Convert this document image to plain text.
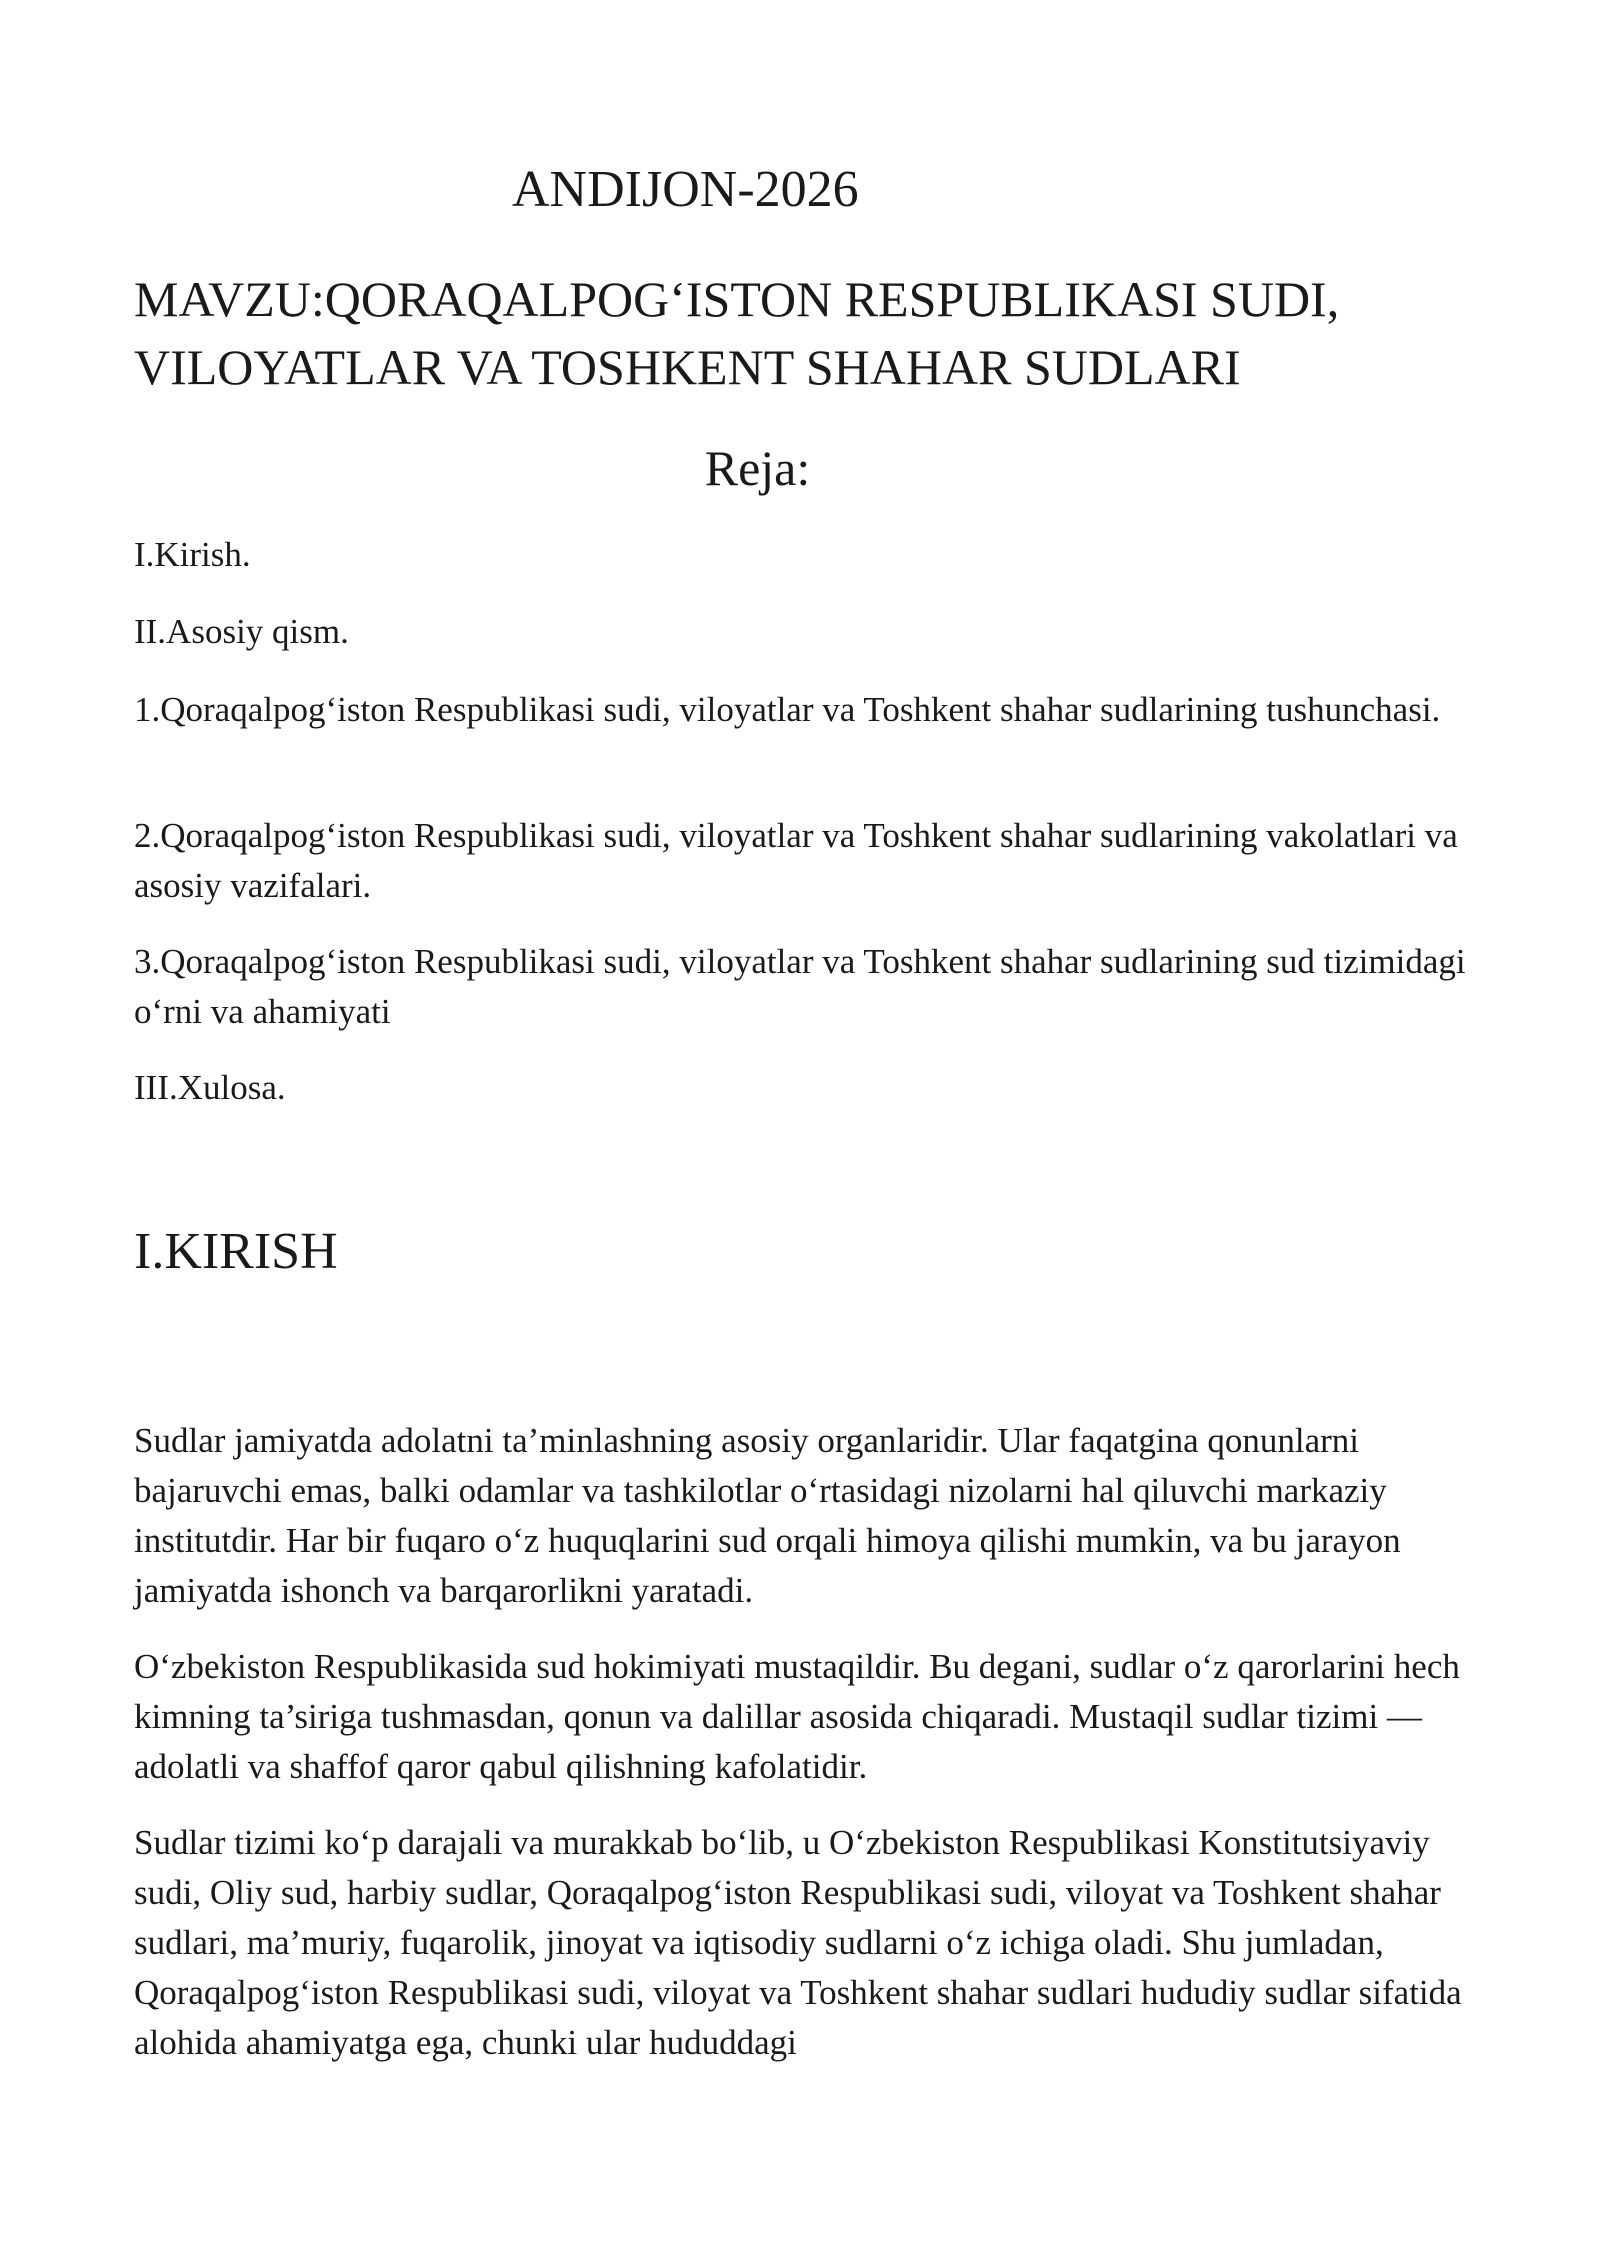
ANDIJON-2026

MAVZU:QORAQALPOG‘ISTON RESPUBLIKASI SUDI, VILOYATLAR VA TOSHKENT SHAHAR SUDLARI

Reja:

I.Kirish.

II.Asosiy qism.

1.Qoraqalpog‘iston Respublikasi sudi, viloyatlar va Toshkent shahar sudlarining tushunchasi.

2.Qoraqalpog‘iston Respublikasi sudi, viloyatlar va Toshkent shahar sudlarining vakolatlari va asosiy vazifalari.

3.Qoraqalpog‘iston Respublikasi sudi, viloyatlar va Toshkent shahar sudlarining sud tizimidagi o‘rni va ahamiyati

III.Xulosa.

I.KIRISH

Sudlar jamiyatda adolatni ta’minlashning asosiy organlaridir. Ular faqatgina qonunlarni bajaruvchi emas, balki odamlar va tashkilotlar o‘rtasidagi nizolarni hal qiluvchi markaziy institutdir. Har bir fuqaro o‘z huquqlarini sud orqali himoya qilishi mumkin, va bu jarayon jamiyatda ishonch va barqarorlikni yaratadi.

O‘zbekiston Respublikasida sud hokimiyati mustaqildir. Bu degani, sudlar o‘z qarorlarini hech kimning ta’siriga tushmasdan, qonun va dalillar asosida chiqaradi. Mustaqil sudlar tizimi — adolatli va shaffof qaror qabul qilishning kafolatidir.

Sudlar tizimi ko‘p darajali va murakkab bo‘lib, u O‘zbekiston Respublikasi Konstitutsiyaviy sudi, Oliy sud, harbiy sudlar, Qoraqalpog‘iston Respublikasi sudi, viloyat va Toshkent shahar sudlari, ma’muriy, fuqarolik, jinoyat va iqtisodiy sudlarni o‘z ichiga oladi. Shu jumladan, Qoraqalpog‘iston Respublikasi sudi, viloyat va Toshkent shahar sudlari hududiy sudlar sifatida alohida ahamiyatga ega, chunki ular hududdagi
